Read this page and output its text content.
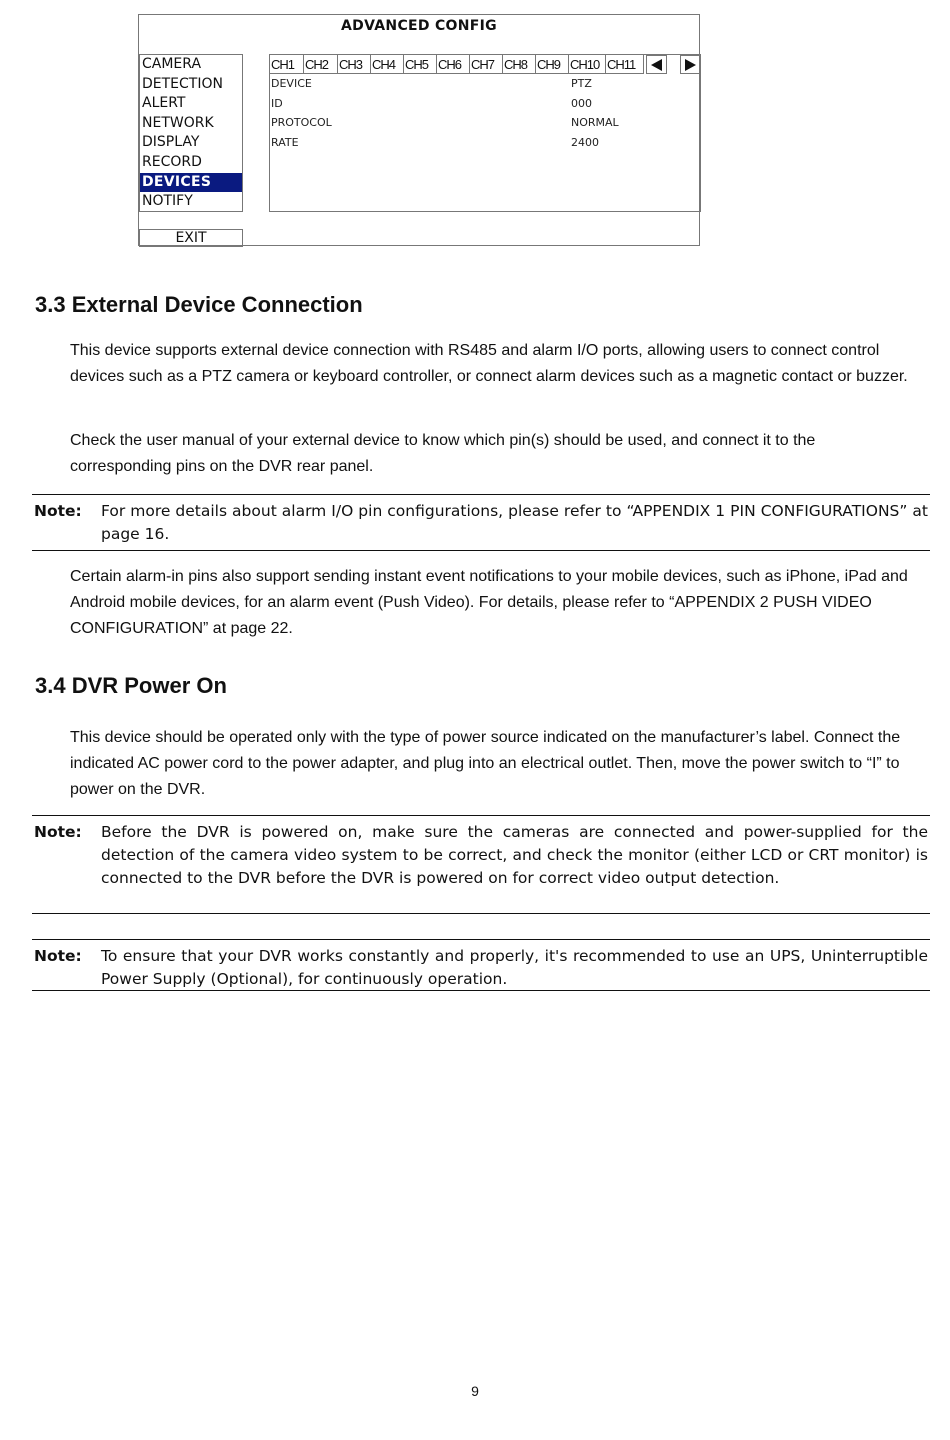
ADVANCED CONFIG
CAMERA
DETECTION
ALERT
NETWORK
DISPLAY
RECORD
DEVICES
NOTIFY
EXIT
CH1 CH2 CH3 CH4 CH5 CH6 CH7 CH8 CH9 CH10 CH11
DEVICE	PTZ
ID	000
PROTOCOL	NORMAL
RATE	2400
3.3 External Device Connection
This device supports external device connection with RS485 and alarm I/O ports, allowing users to connect control devices such as a PTZ camera or keyboard controller, or connect alarm devices such as a magnetic contact or buzzer.
Check the user manual of your external device to know which pin(s) should be used, and connect it to the corresponding pins on the DVR rear panel.
Note: For more details about alarm I/O pin configurations, please refer to “APPENDIX 1 PIN CONFIGURATIONS” at page 16.
Certain alarm-in pins also support sending instant event notifications to your mobile devices, such as iPhone, iPad and Android mobile devices, for an alarm event (Push Video). For details, please refer to “APPENDIX 2 PUSH VIDEO CONFIGURATION” at page 22.
3.4 DVR Power On
This device should be operated only with the type of power source indicated on the manufacturer’s label. Connect the indicated AC power cord to the power adapter, and plug into an electrical outlet. Then, move the power switch to “I” to power on the DVR.
Note: Before the DVR is powered on, make sure the cameras are connected and power-supplied for the detection of the camera video system to be correct, and check the monitor (either LCD or CRT monitor) is connected to the DVR before the DVR is powered on for correct video output detection.
Note: To ensure that your DVR works constantly and properly, it's recommended to use an UPS, Uninterruptible Power Supply (Optional), for continuously operation.
9
